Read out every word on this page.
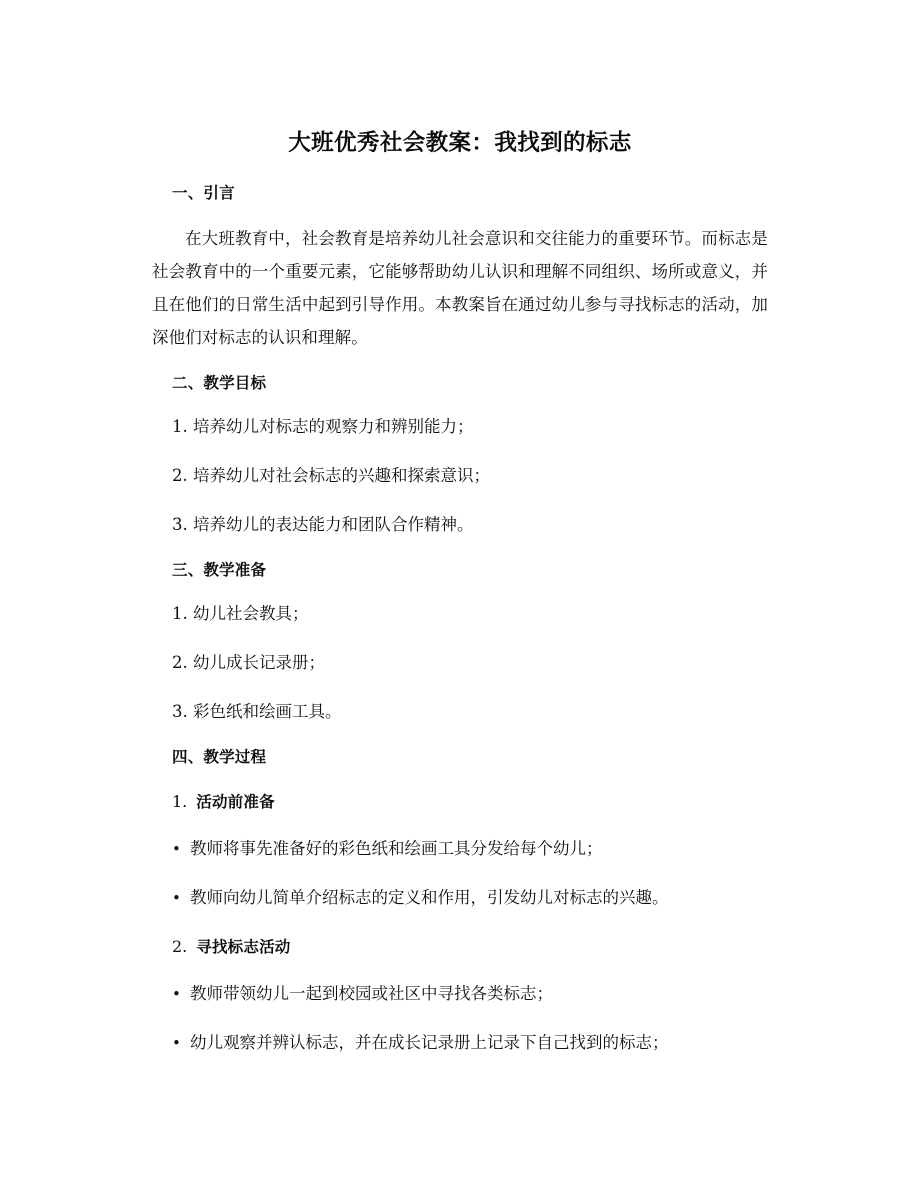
大班优秀社会教案：我找到的标志
一、引言

在大班教育中，社会教育是培养幼儿社会意识和交往能力的重要环节。而标志是社会教育中的一个重要元素，它能够帮助幼儿认识和理解不同组织、场所或意义，并且在他们的日常生活中起到引导作用。本教案旨在通过幼儿参与寻找标志的活动，加深他们对标志的认识和理解。

二、教学目标

1. 培养幼儿对标志的观察力和辨别能力；

2. 培养幼儿对社会标志的兴趣和探索意识；

3. 培养幼儿的表达能力和团队合作精神。

三、教学准备

1. 幼儿社会教具；

2. 幼儿成长记录册；

3. 彩色纸和绘画工具。

四、教学过程
1. 活动前准备

• 教师将事先准备好的彩色纸和绘画工具分发给每个幼儿；

• 教师向幼儿简单介绍标志的定义和作用，引发幼儿对标志的兴趣。

2. 寻找标志活动

• 教师带领幼儿一起到校园或社区中寻找各类标志；

• 幼儿观察并辨认标志，并在成长记录册上记录下自己找到的标志；
